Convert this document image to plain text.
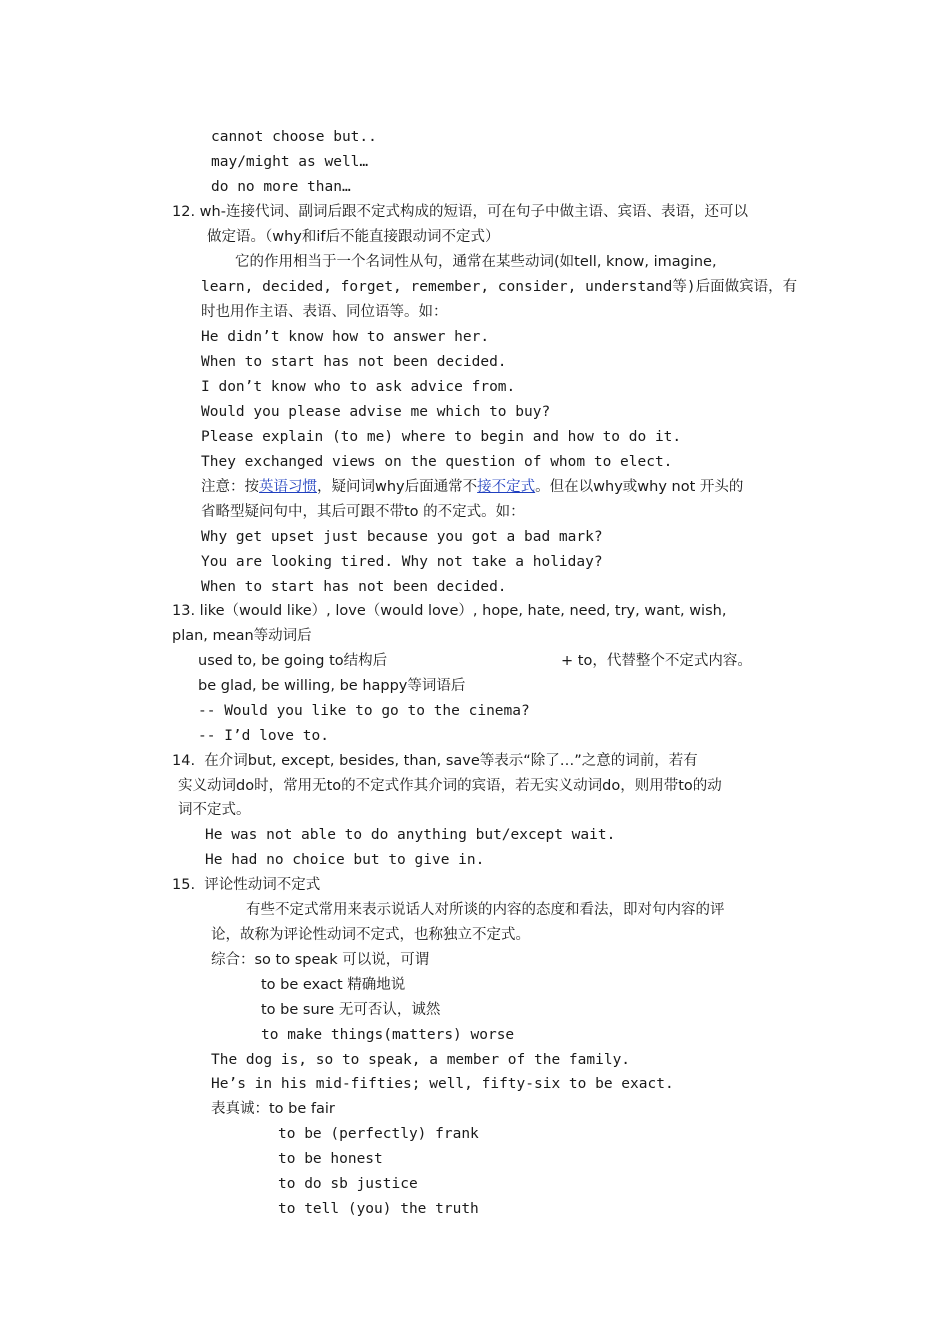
cannot choose but..
may/might as well…
do no more than…
12. wh-连接代词、副词后跟不定式构成的短语，可在句子中做主语、宾语、表语，还可以
做定语。（why和if后不能直接跟动词不定式）
它的作用相当于一个名词性从句，通常在某些动词(如tell, know, imagine,
learn, decided, forget, remember, consider, understand等)后面做宾语，有
时也用作主语、表语、同位语等。如：
He didn’t know how to answer her.
When to start has not been decided.
I don’t know who to ask advice from.
Would you please advise me which to buy?
Please explain (to me) where to begin and how to do it.
They exchanged views on the question of whom to elect.
注意：按英语习惯，疑问词why后面通常不接不定式。但在以why或why not 开头的
省略型疑问句中，其后可跟不带to 的不定式。如：
Why get upset just because you got a bad mark?
You are looking tired. Why not take a holiday?
When to start has not been decided.
13. like（would like）, love（would love）, hope, hate, need, try, want, wish,
plan, mean等动词后
used to, be going to结构后	+ to，代替整个不定式内容。
be glad, be willing, be happy等词语后
-- Would you like to go to the cinema?
-- I’d love to.
14.  在介词but, except, besides, than, save等表示“除了…”之意的词前，若有
实义动词do时，常用无to的不定式作其介词的宾语，若无实义动词do，则用带to的动
词不定式。
He was not able to do anything but/except wait.
He had no choice but to give in.
15.  评论性动词不定式
有些不定式常用来表示说话人对所谈的内容的态度和看法，即对句内容的评
论，故称为评论性动词不定式，也称独立不定式。
综合：so to speak 可以说，可谓
to be exact 精确地说
to be sure 无可否认，诚然
to make things(matters) worse
The dog is, so to speak, a member of the family.
He’s in his mid-fifties; well, fifty-six to be exact.
表真诚：to be fair
to be (perfectly) frank
to be honest
to do sb justice
to tell (you) the truth
